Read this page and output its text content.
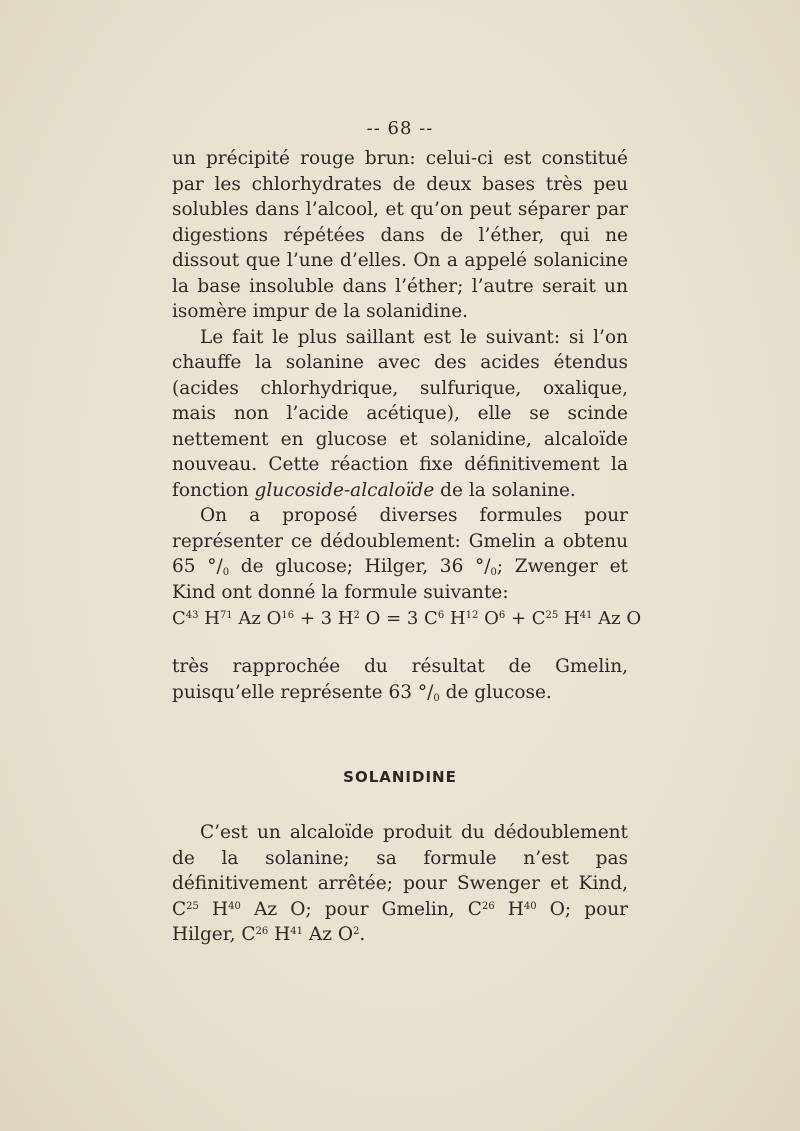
-- 68 --

un précipité rouge brun: celui-ci est constitué par les chlorhydrates de deux bases très peu solubles dans l’alcool, et qu’on peut séparer par digestions répétées dans de l’éther, qui ne dissout que l’une d’elles. On a appelé solanicine la base insoluble dans l’éther; l’autre serait un isomère impur de la solanidine.

Le fait le plus saillant est le suivant: si l’on chauffe la solanine avec des acides étendus (acides chlorhydrique, sulfurique, oxalique, mais non l’acide acétique), elle se scinde nettement en glucose et solanidine, alcaloïde nouveau. Cette réaction fixe définitivement la fonction glucoside-alcaloïde de la solanine.

On a proposé diverses formules pour représenter ce dédoublement: Gmelin a obtenu 65 $^\circ/_0$ de glucose; Hilger, 36 $^\circ/_0$; Zwenger et Kind ont donné la formule suivante:

$C^{43}$ $H^{71}$ Az $O^{16} + 3$ $H^2$ O = 3 $C^6$ $H^{12}$ $O^6 + C^{25}$ $H^{41}$ Az O

très rapprochée du résultat de Gmelin, puisqu’elle représente 63 $^\circ/_0$ de glucose.

SOLANIDINE

C’est un alcaloïde produit du dédoublement de la solanine; sa formule n’est pas définitivement arrêtée; pour Swenger et Kind, $C^{25}$ $H^{40}$ Az O; pour Gmelin, $C^{26}$ $H^{40}$ O; pour Hilger, $C^{26}$ $H^{41}$ Az $O^2$.
